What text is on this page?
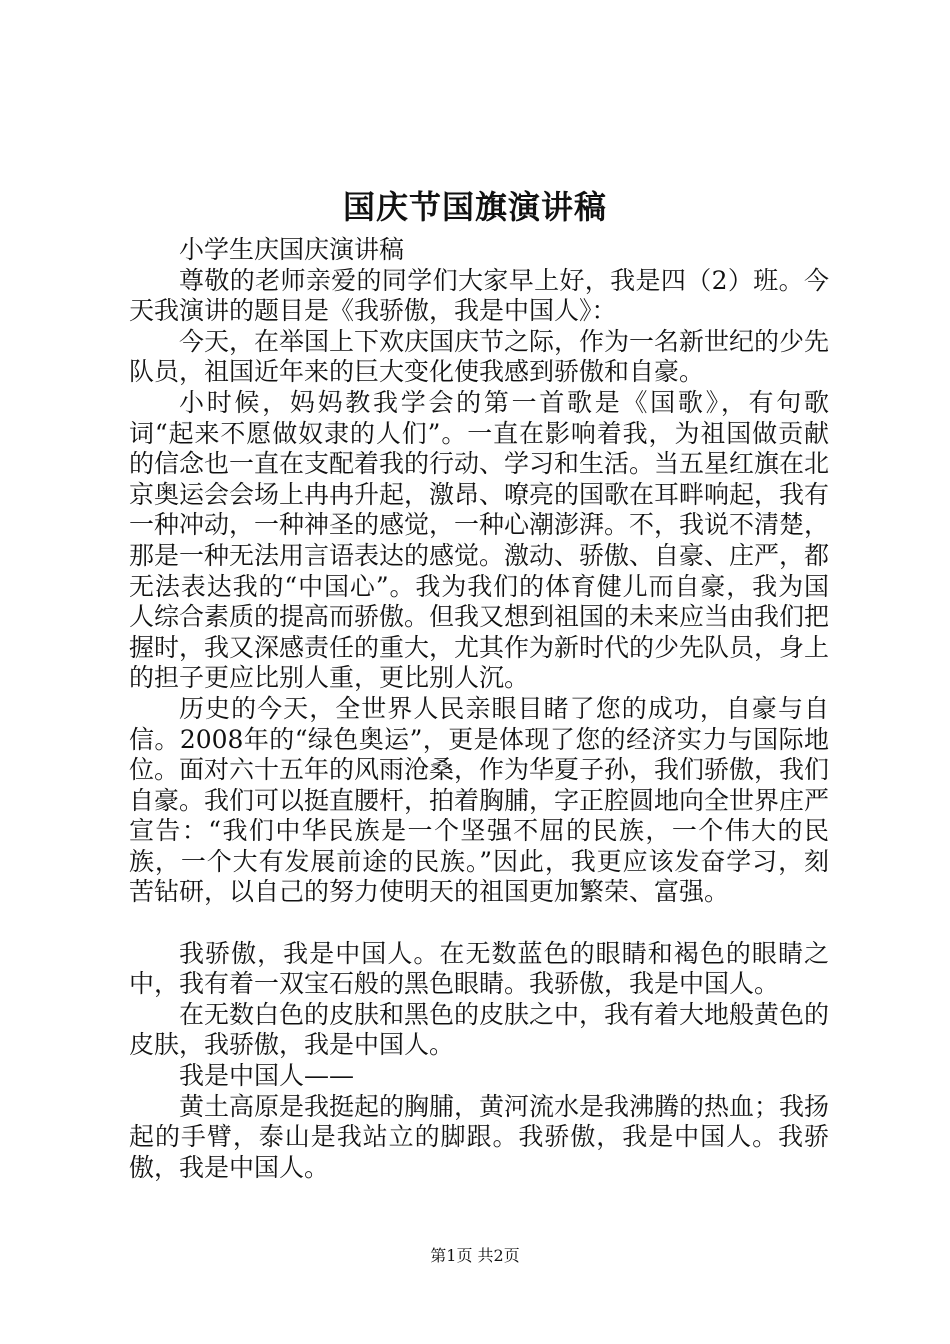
国庆节国旗演讲稿

小学生庆国庆演讲稿

尊敬的老师亲爱的同学们大家早上好，我是四（2）班。今天我演讲的题目是《我骄傲，我是中国人》：

今天，在举国上下欢庆国庆节之际，作为一名新世纪的少先队员，祖国近年来的巨大变化使我感到骄傲和自豪。

小时候，妈妈教我学会的第一首歌是《国歌》，有句歌词“起来不愿做奴隶的人们”。一直在影响着我，为祖国做贡献的信念也一直在支配着我的行动、学习和生活。当五星红旗在北京奥运会会场上冉冉升起，激昂、嘹亮的国歌在耳畔响起，我有一种冲动，一种神圣的感觉，一种心潮澎湃。不，我说不清楚，那是一种无法用言语表达的感觉。激动、骄傲、自豪、庄严，都无法表达我的“中国心”。我为我们的体育健儿而自豪，我为国人综合素质的提高而骄傲。但我又想到祖国的未来应当由我们把握时，我又深感责任的重大，尤其作为新时代的少先队员，身上的担子更应比别人重，更比别人沉。

历史的今天，全世界人民亲眼目睹了您的成功，自豪与自信。2008年的“绿色奥运”，更是体现了您的经济实力与国际地位。面对六十五年的风雨沧桑，作为华夏子孙，我们骄傲，我们自豪。我们可以挺直腰杆，拍着胸脯，字正腔圆地向全世界庄严宣告：“我们中华民族是一个坚强不屈的民族，一个伟大的民族，一个大有发展前途的民族。”因此，我更应该发奋学习，刻苦钻研，以自己的努力使明天的祖国更加繁荣、富强。

我骄傲，我是中国人。在无数蓝色的眼睛和褐色的眼睛之中，我有着一双宝石般的黑色眼睛。我骄傲，我是中国人。

在无数白色的皮肤和黑色的皮肤之中，我有着大地般黄色的皮肤，我骄傲，我是中国人。

我是中国人——

黄土高原是我挺起的胸脯，黄河流水是我沸腾的热血；我扬起的手臂，泰山是我站立的脚跟。我骄傲，我是中国人。我骄傲，我是中国人。

第1页 共2页
